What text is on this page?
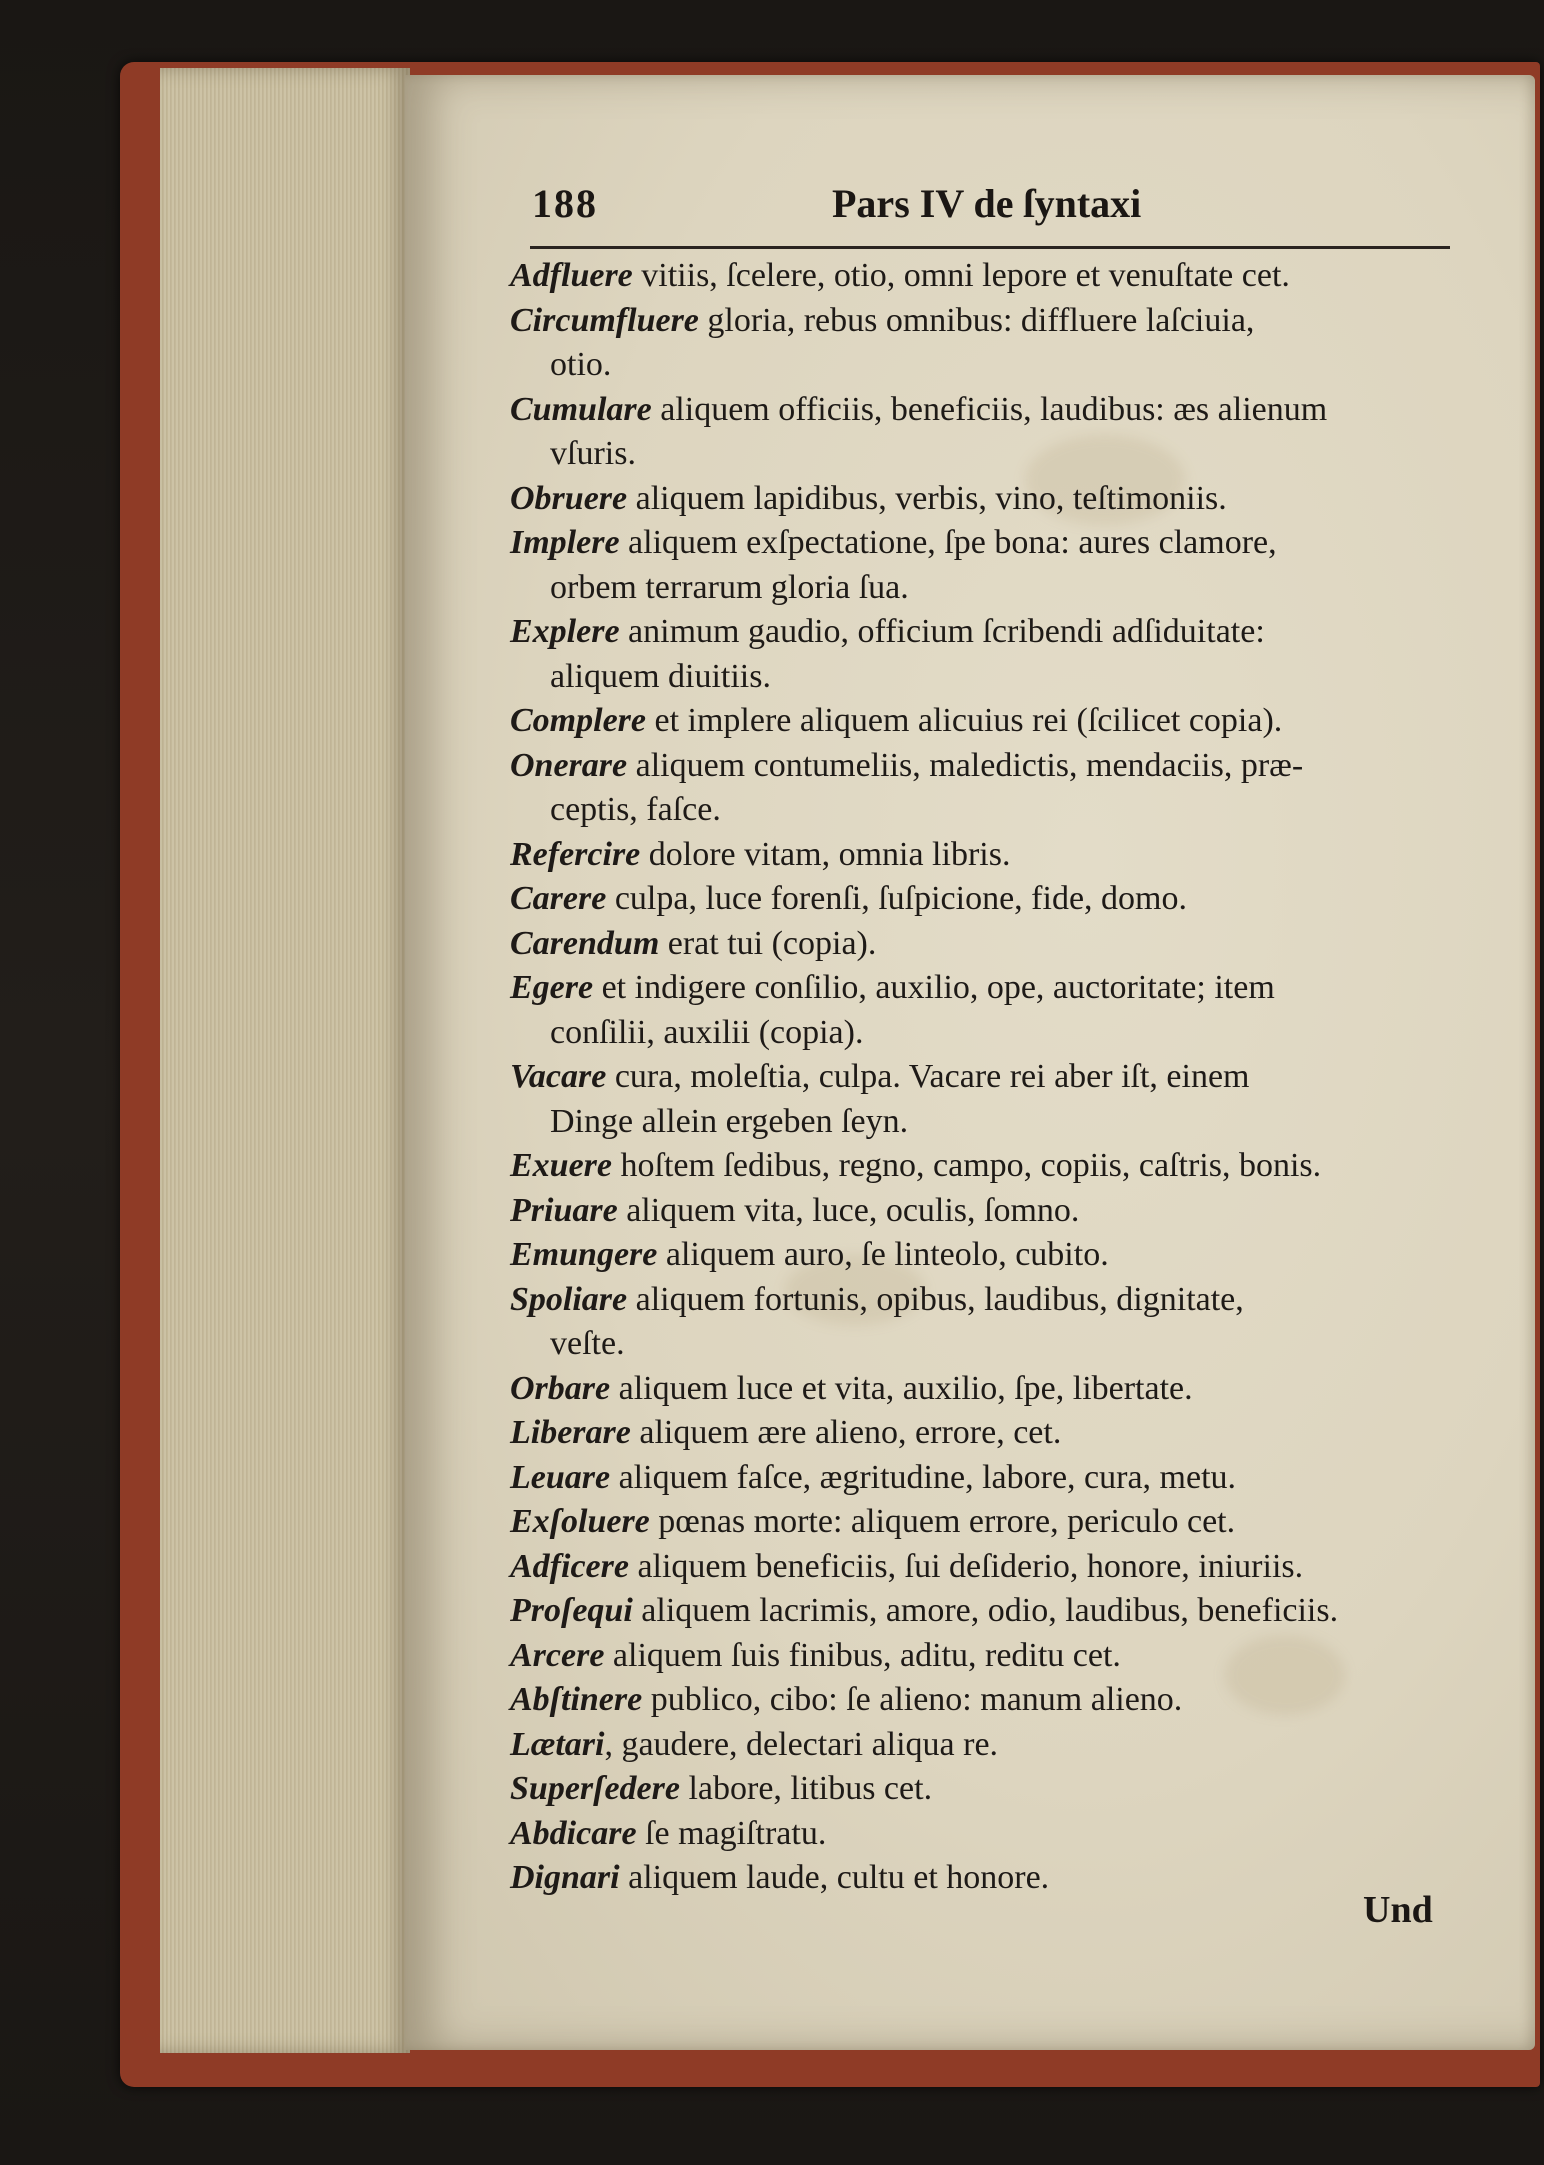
188	Pars IV de ſyntaxi
Adfluere vitiis, ſcelere, otio, omni lepore et venuſtate cet.
Circumfluere gloria, rebus omnibus: diffluere laſciuia,
otio.
Cumulare aliquem officiis, beneficiis, laudibus: æs alienum
vſuris.
Obruere aliquem lapidibus, verbis, vino, teſtimoniis.
Implere aliquem exſpectatione, ſpe bona: aures clamore,
orbem terrarum gloria ſua.
Explere animum gaudio, officium ſcribendi adſiduitate:
aliquem diuitiis.
Complere et implere aliquem alicuius rei (ſcilicet copia).
Onerare aliquem contumeliis, maledictis, mendaciis, præ-
ceptis, faſce.
Refercire dolore vitam, omnia libris.
Carere culpa, luce forenſi, ſuſpicione, fide, domo.
Carendum erat tui (copia).
Egere et indigere conſilio, auxilio, ope, auctoritate; item
conſilii, auxilii (copia).
Vacare cura, moleſtia, culpa. Vacare rei aber iſt, einem
Dinge allein ergeben ſeyn.
Exuere hoſtem ſedibus, regno, campo, copiis, caſtris, bonis.
Priuare aliquem vita, luce, oculis, ſomno.
Emungere aliquem auro, ſe linteolo, cubito.
Spoliare aliquem fortunis, opibus, laudibus, dignitate,
veſte.
Orbare aliquem luce et vita, auxilio, ſpe, libertate.
Liberare aliquem ære alieno, errore, cet.
Leuare aliquem faſce, ægritudine, labore, cura, metu.
Exſoluere pœnas morte: aliquem errore, periculo cet.
Adficere aliquem beneficiis, ſui deſiderio, honore, iniuriis.
Proſequi aliquem lacrimis, amore, odio, laudibus, beneficiis.
Arcere aliquem ſuis finibus, aditu, reditu cet.
Abſtinere publico, cibo: ſe alieno: manum alieno.
Lætari, gaudere, delectari aliqua re.
Superſedere labore, litibus cet.
Abdicare ſe magiſtratu.
Dignari aliquem laude, cultu et honore.
Und
